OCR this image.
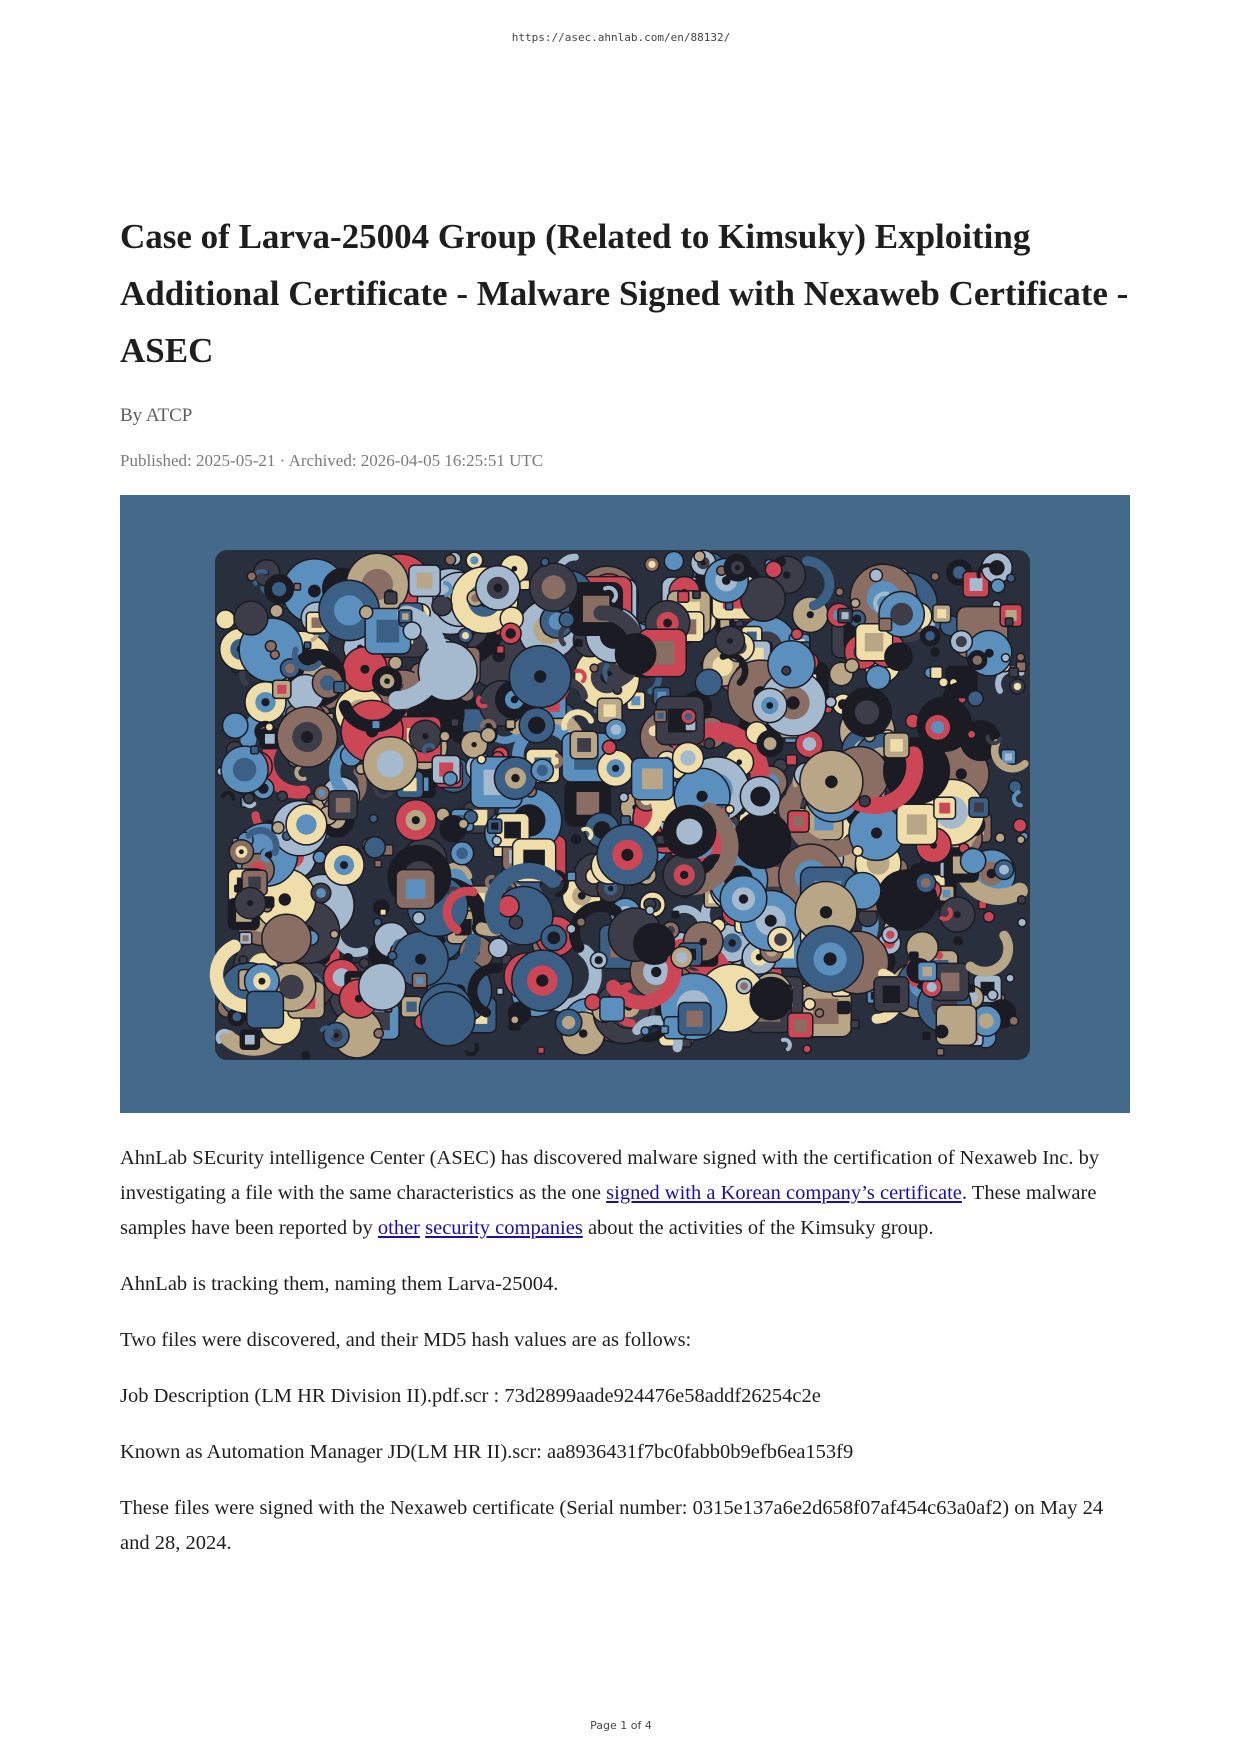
https://asec.ahnlab.com/en/88132/
Case of Larva-25004 Group (Related to Kimsuky) Exploiting Additional Certificate - Malware Signed with Nexaweb Certificate - ASEC
By ATCP
Published: 2025-05-21 · Archived: 2026-04-05 16:25:51 UTC

AhnLab SEcurity intelligence Center (ASEC) has discovered malware signed with the certification of Nexaweb Inc. by investigating a file with the same characteristics as the one signed with a Korean company’s certificate. These malware samples have been reported by other security companies about the activities of the Kimsuky group.

AhnLab is tracking them, naming them Larva-25004.

Two files were discovered, and their MD5 hash values are as follows:

Job Description (LM HR Division II).pdf.scr : 73d2899aade924476e58addf26254c2e

Known as Automation Manager JD(LM HR II).scr: aa8936431f7bc0fabb0b9efb6ea153f9

These files were signed with the Nexaweb certificate (Serial number: 0315e137a6e2d658f07af454c63a0af2) on May 24 and 28, 2024.

Page 1 of 4
